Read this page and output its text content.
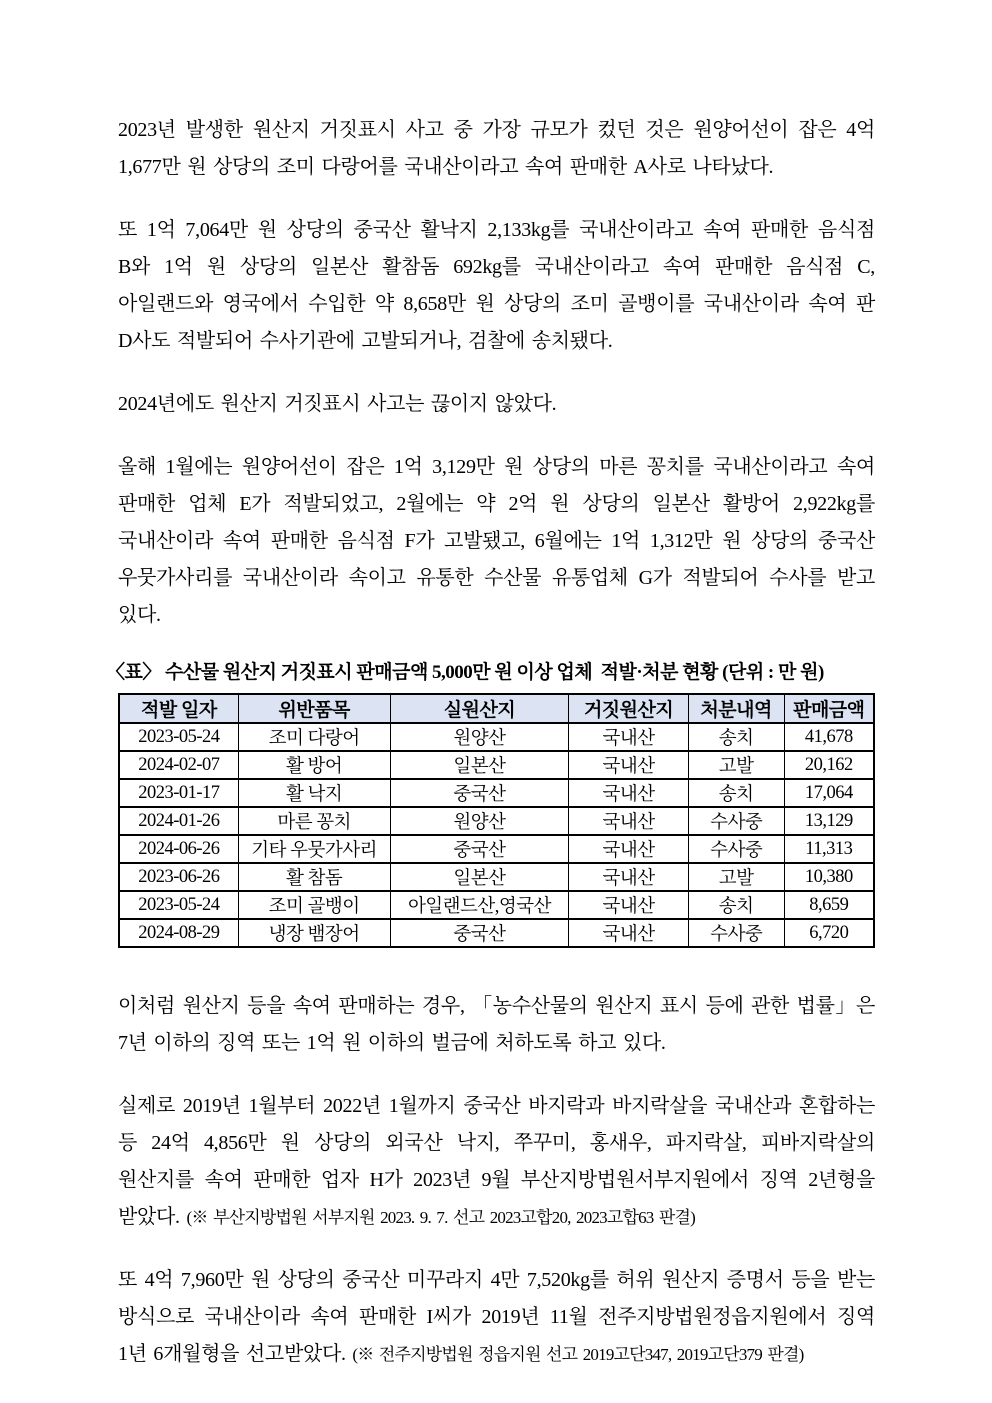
2023년 발생한 원산지 거짓표시 사고 중 가장 규모가 컸던 것은 원양어선이 잡은 4억 1,677만 원 상당의 조미 다랑어를 국내산이라고 속여 판매한 A사로 나타났다.

또 1억 7,064만 원 상당의 중국산 활낙지 2,133kg를 국내산이라고 속여 판매한 음식점 B와 1억 원 상당의 일본산 활참돔 692kg를 국내산이라고 속여 판매한 음식점 C, 아일랜드와 영국에서 수입한 약 8,658만 원 상당의 조미 골뱅이를 국내산이라 속여 판 D사도 적발되어 수사기관에 고발되거나, 검찰에 송치됐다.

2024년에도 원산지 거짓표시 사고는 끊이지 않았다.

올해 1월에는 원양어선이 잡은 1억 3,129만 원 상당의 마른 꽁치를 국내산이라고 속여 판매한 업체 E가 적발되었고, 2월에는 약 2억 원 상당의 일본산 활방어 2,922kg를 국내산이라 속여 판매한 음식점 F가 고발됐고, 6월에는 1억 1,312만 원 상당의 중국산 우뭇가사리를 국내산이라 속이고 유통한 수산물 유통업체 G가 적발되어 수사를 받고 있다.

〈표〉 수산물 원산지 거짓표시 판매금액 5,000만 원 이상 업체  적발·처분 현황 (단위 : 만 원)
적발 일자	위반품목	실원산지	거짓원산지	처분내역	판매금액
2023-05-24	조미 다랑어	원양산	국내산	송치	41,678
2024-02-07	활 방어	일본산	국내산	고발	20,162
2023-01-17	활 낙지	중국산	국내산	송치	17,064
2024-01-26	마른 꽁치	원양산	국내산	수사중	13,129
2024-06-26	기타 우뭇가사리	중국산	국내산	수사중	11,313
2023-06-26	활 참돔	일본산	국내산	고발	10,380
2023-05-24	조미 골뱅이	아일랜드산,영국산	국내산	송치	8,659
2024-08-29	냉장 뱀장어	중국산	국내산	수사중	6,720

이처럼 원산지 등을 속여 판매하는 경우, 「농수산물의 원산지 표시 등에 관한 법률」은 7년 이하의 징역 또는 1억 원 이하의 벌금에 처하도록 하고 있다.

실제로 2019년 1월부터 2022년 1월까지 중국산 바지락과 바지락살을 국내산과 혼합하는 등 24억 4,856만 원 상당의 외국산 낙지, 쭈꾸미, 홍새우, 파지락살, 피바지락살의 원산지를 속여 판매한 업자 H가 2023년 9월 부산지방법원서부지원에서 징역 2년형을 받았다. (※ 부산지방법원 서부지원 2023. 9. 7. 선고 2023고합20, 2023고합63 판결)

또 4억 7,960만 원 상당의 중국산 미꾸라지 4만 7,520kg를 허위 원산지 증명서 등을 받는 방식으로 국내산이라 속여 판매한 I씨가 2019년 11월 전주지방법원정읍지원에서 징역 1년 6개월형을 선고받았다. (※ 전주지방법원 정읍지원 선고 2019고단347, 2019고단379 판결)
